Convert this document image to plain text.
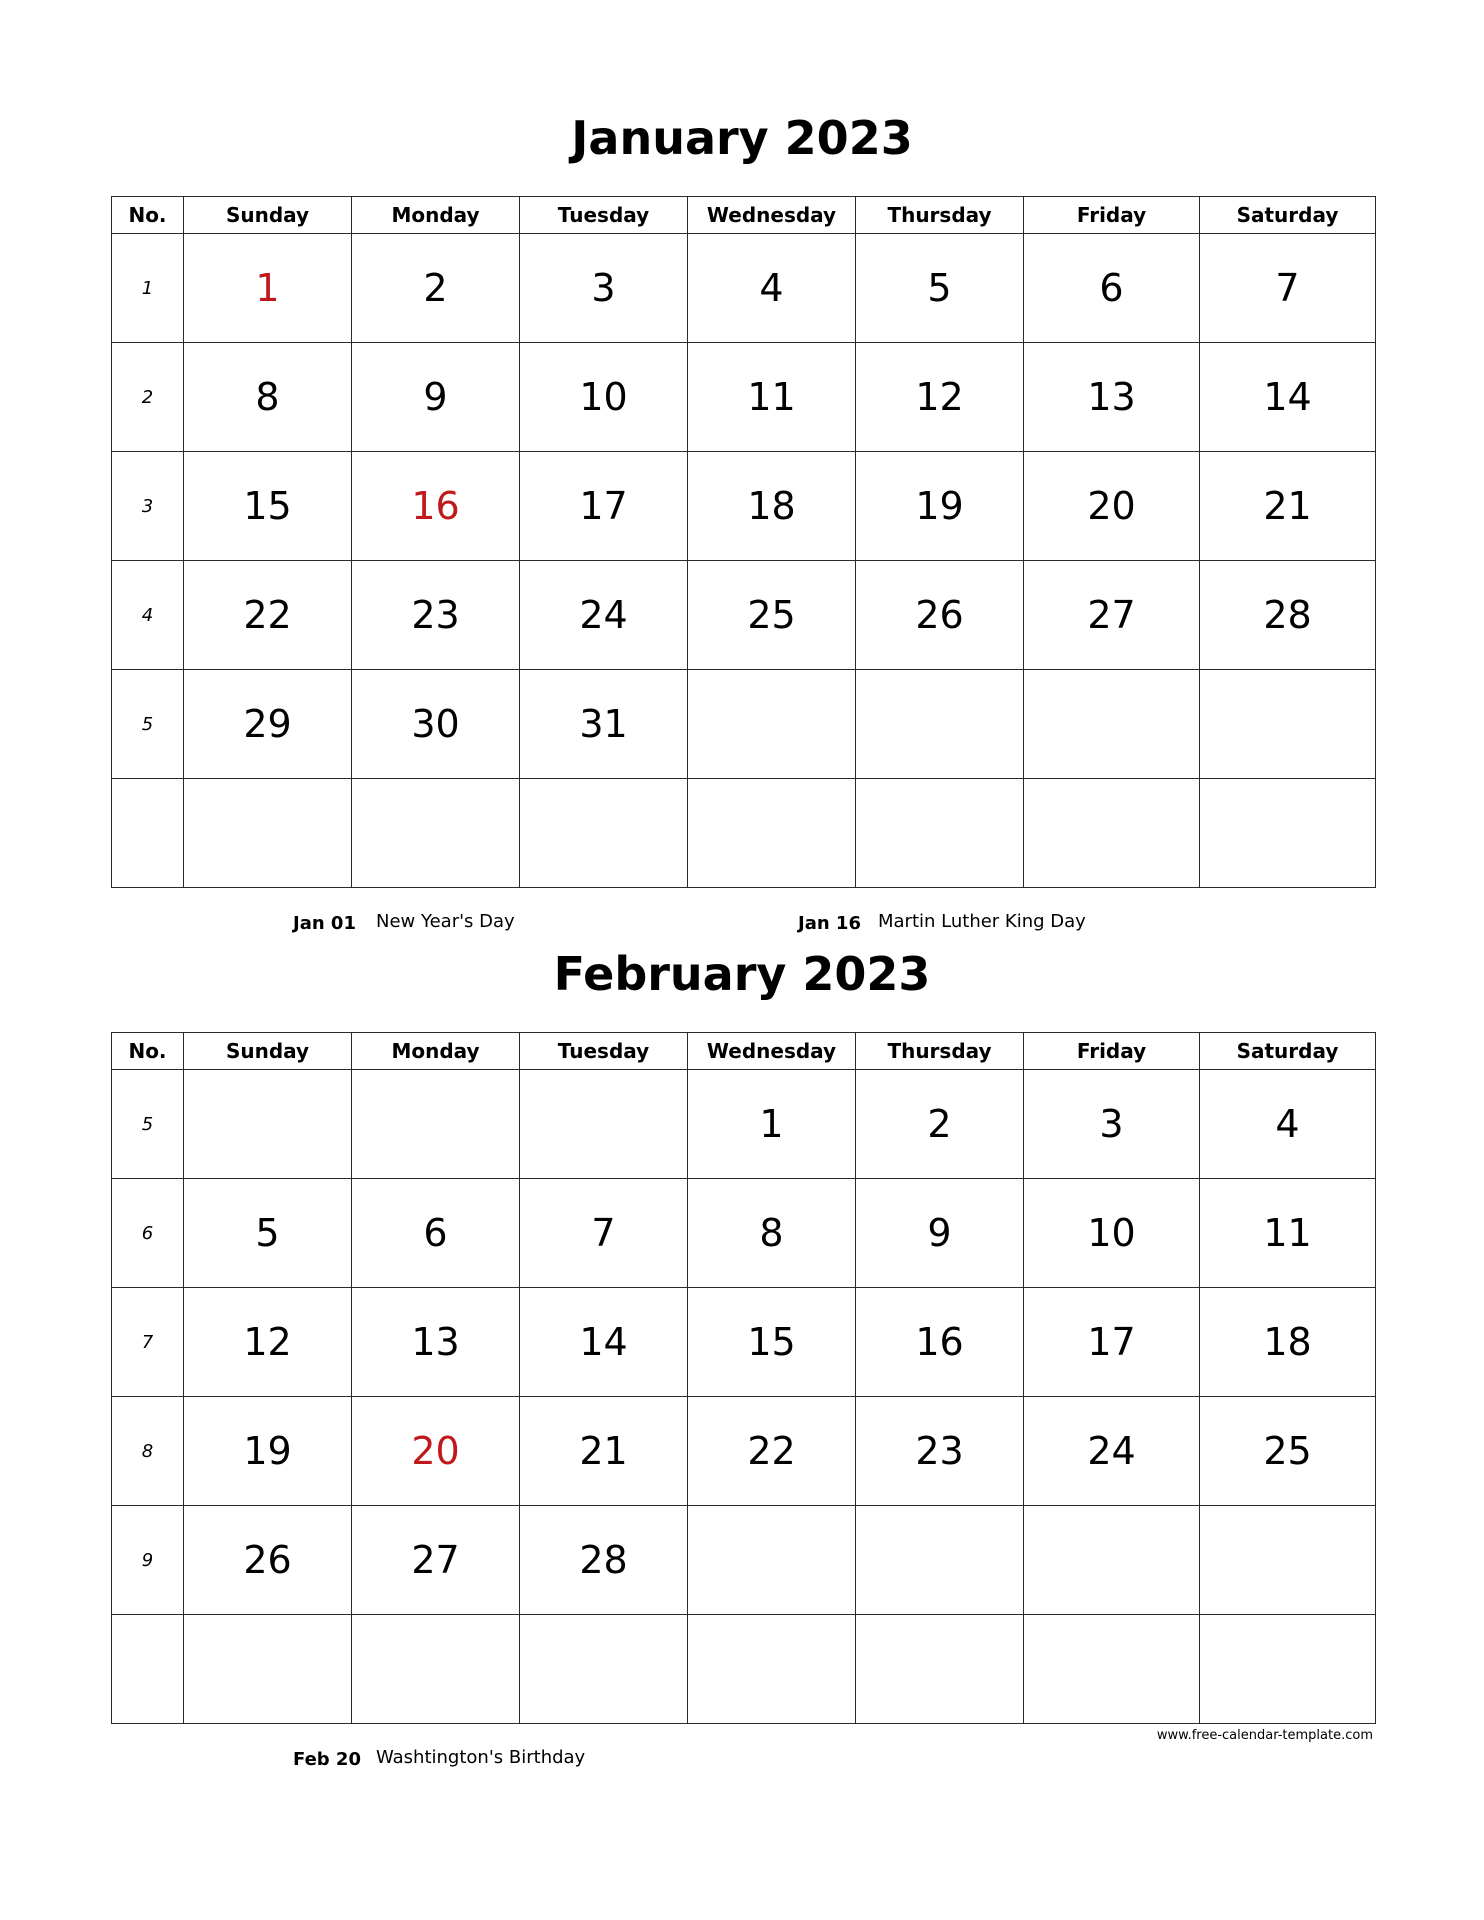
January 2023
No.	Sunday	Monday	Tuesday	Wednesday	Thursday	Friday	Saturday
1	1	2	3	4	5	6	7
2	8	9	10	11	12	13	14
3	15	16	17	18	19	20	21
4	22	23	24	25	26	27	28
5	29	30	31				

Jan 01 New Year's Day	Jan 16 Martin Luther King Day
February 2023
No.	Sunday	Monday	Tuesday	Wednesday	Thursday	Friday	Saturday
5				1	2	3	4
6	5	6	7	8	9	10	11
7	12	13	14	15	16	17	18
8	19	20	21	22	23	24	25
9	26	27	28				

www.free-calendar-template.com
Feb 20 Washtington's Birthday
